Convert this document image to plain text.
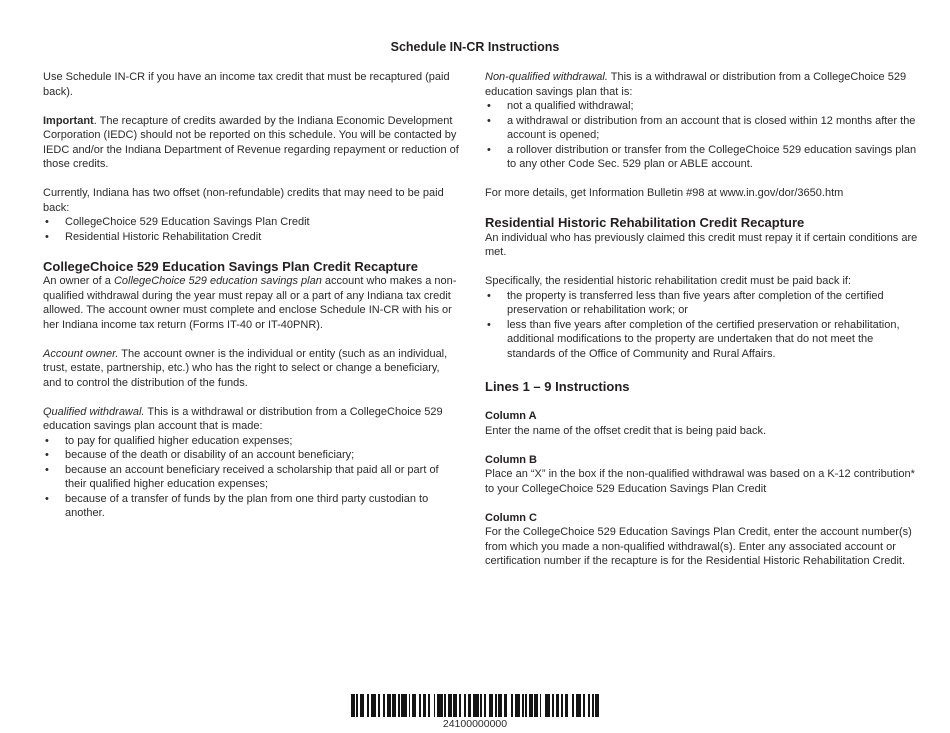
Schedule IN-CR Instructions

Use Schedule IN-CR if you have an income tax credit that must be recaptured (paid back).

Important. The recapture of credits awarded by the Indiana Economic Development Corporation (IEDC) should not be reported on this schedule. You will be contacted by IEDC and/or the Indiana Department of Revenue regarding repayment or reduction of those credits.

Currently, Indiana has two offset (non-refundable) credits that may need to be paid back:

• CollegeChoice 529 Education Savings Plan Credit
• Residential Historic Rehabilitation Credit
CollegeChoice 529 Education Savings Plan Credit Recapture

An owner of a CollegeChoice 529 education savings plan account who makes a non-qualified withdrawal during the year must repay all or a part of any Indiana tax credit allowed. The account owner must complete and enclose Schedule IN-CR with his or her Indiana income tax return (Forms IT-40 or IT-40PNR).

Account owner. The account owner is the individual or entity (such as an individual, trust, estate, partnership, etc.) who has the right to select or change a beneficiary, and to control the distribution of the funds.

Qualified withdrawal. This is a withdrawal or distribution from a CollegeChoice 529 education savings plan account that is made:

• to pay for qualified higher education expenses;
• because of the death or disability of an account beneficiary;
• because an account beneficiary received a scholarship that paid all or part of their qualified higher education expenses;
• because of a transfer of funds by the plan from one third party custodian to another.

Non-qualified withdrawal. This is a withdrawal or distribution from a CollegeChoice 529 education savings plan that is:

• not a qualified withdrawal;
• a withdrawal or distribution from an account that is closed within 12 months after the account is opened;
• a rollover distribution or transfer from the CollegeChoice 529 education savings plan to any other Code Sec. 529 plan or ABLE account.

For more details, get Information Bulletin #98 at www.in.gov/dor/3650.htm

Residential Historic Rehabilitation Credit Recapture

An individual who has previously claimed this credit must repay it if certain conditions are met.

Specifically, the residential historic rehabilitation credit must be paid back if:

• the property is transferred less than five years after completion of the certified preservation or rehabilitation work; or
• less than five years after completion of the certified preservation or rehabilitation, additional modifications to the property are undertaken that do not meet the standards of the Office of Community and Rural Affairs.
Lines 1 – 9 Instructions
Column A

Enter the name of the offset credit that is being paid back.

Column B

Place an “X” in the box if the non-qualified withdrawal was based on a K-12 contribution* to your CollegeChoice 529 Education Savings Plan Credit

Column C

For the CollegeChoice 529 Education Savings Plan Credit, enter the account number(s) from which you made a non-qualified withdrawal(s). Enter any associated account or certification number if the recapture is for the Residential Historic Rehabilitation Credit.

24100000000
